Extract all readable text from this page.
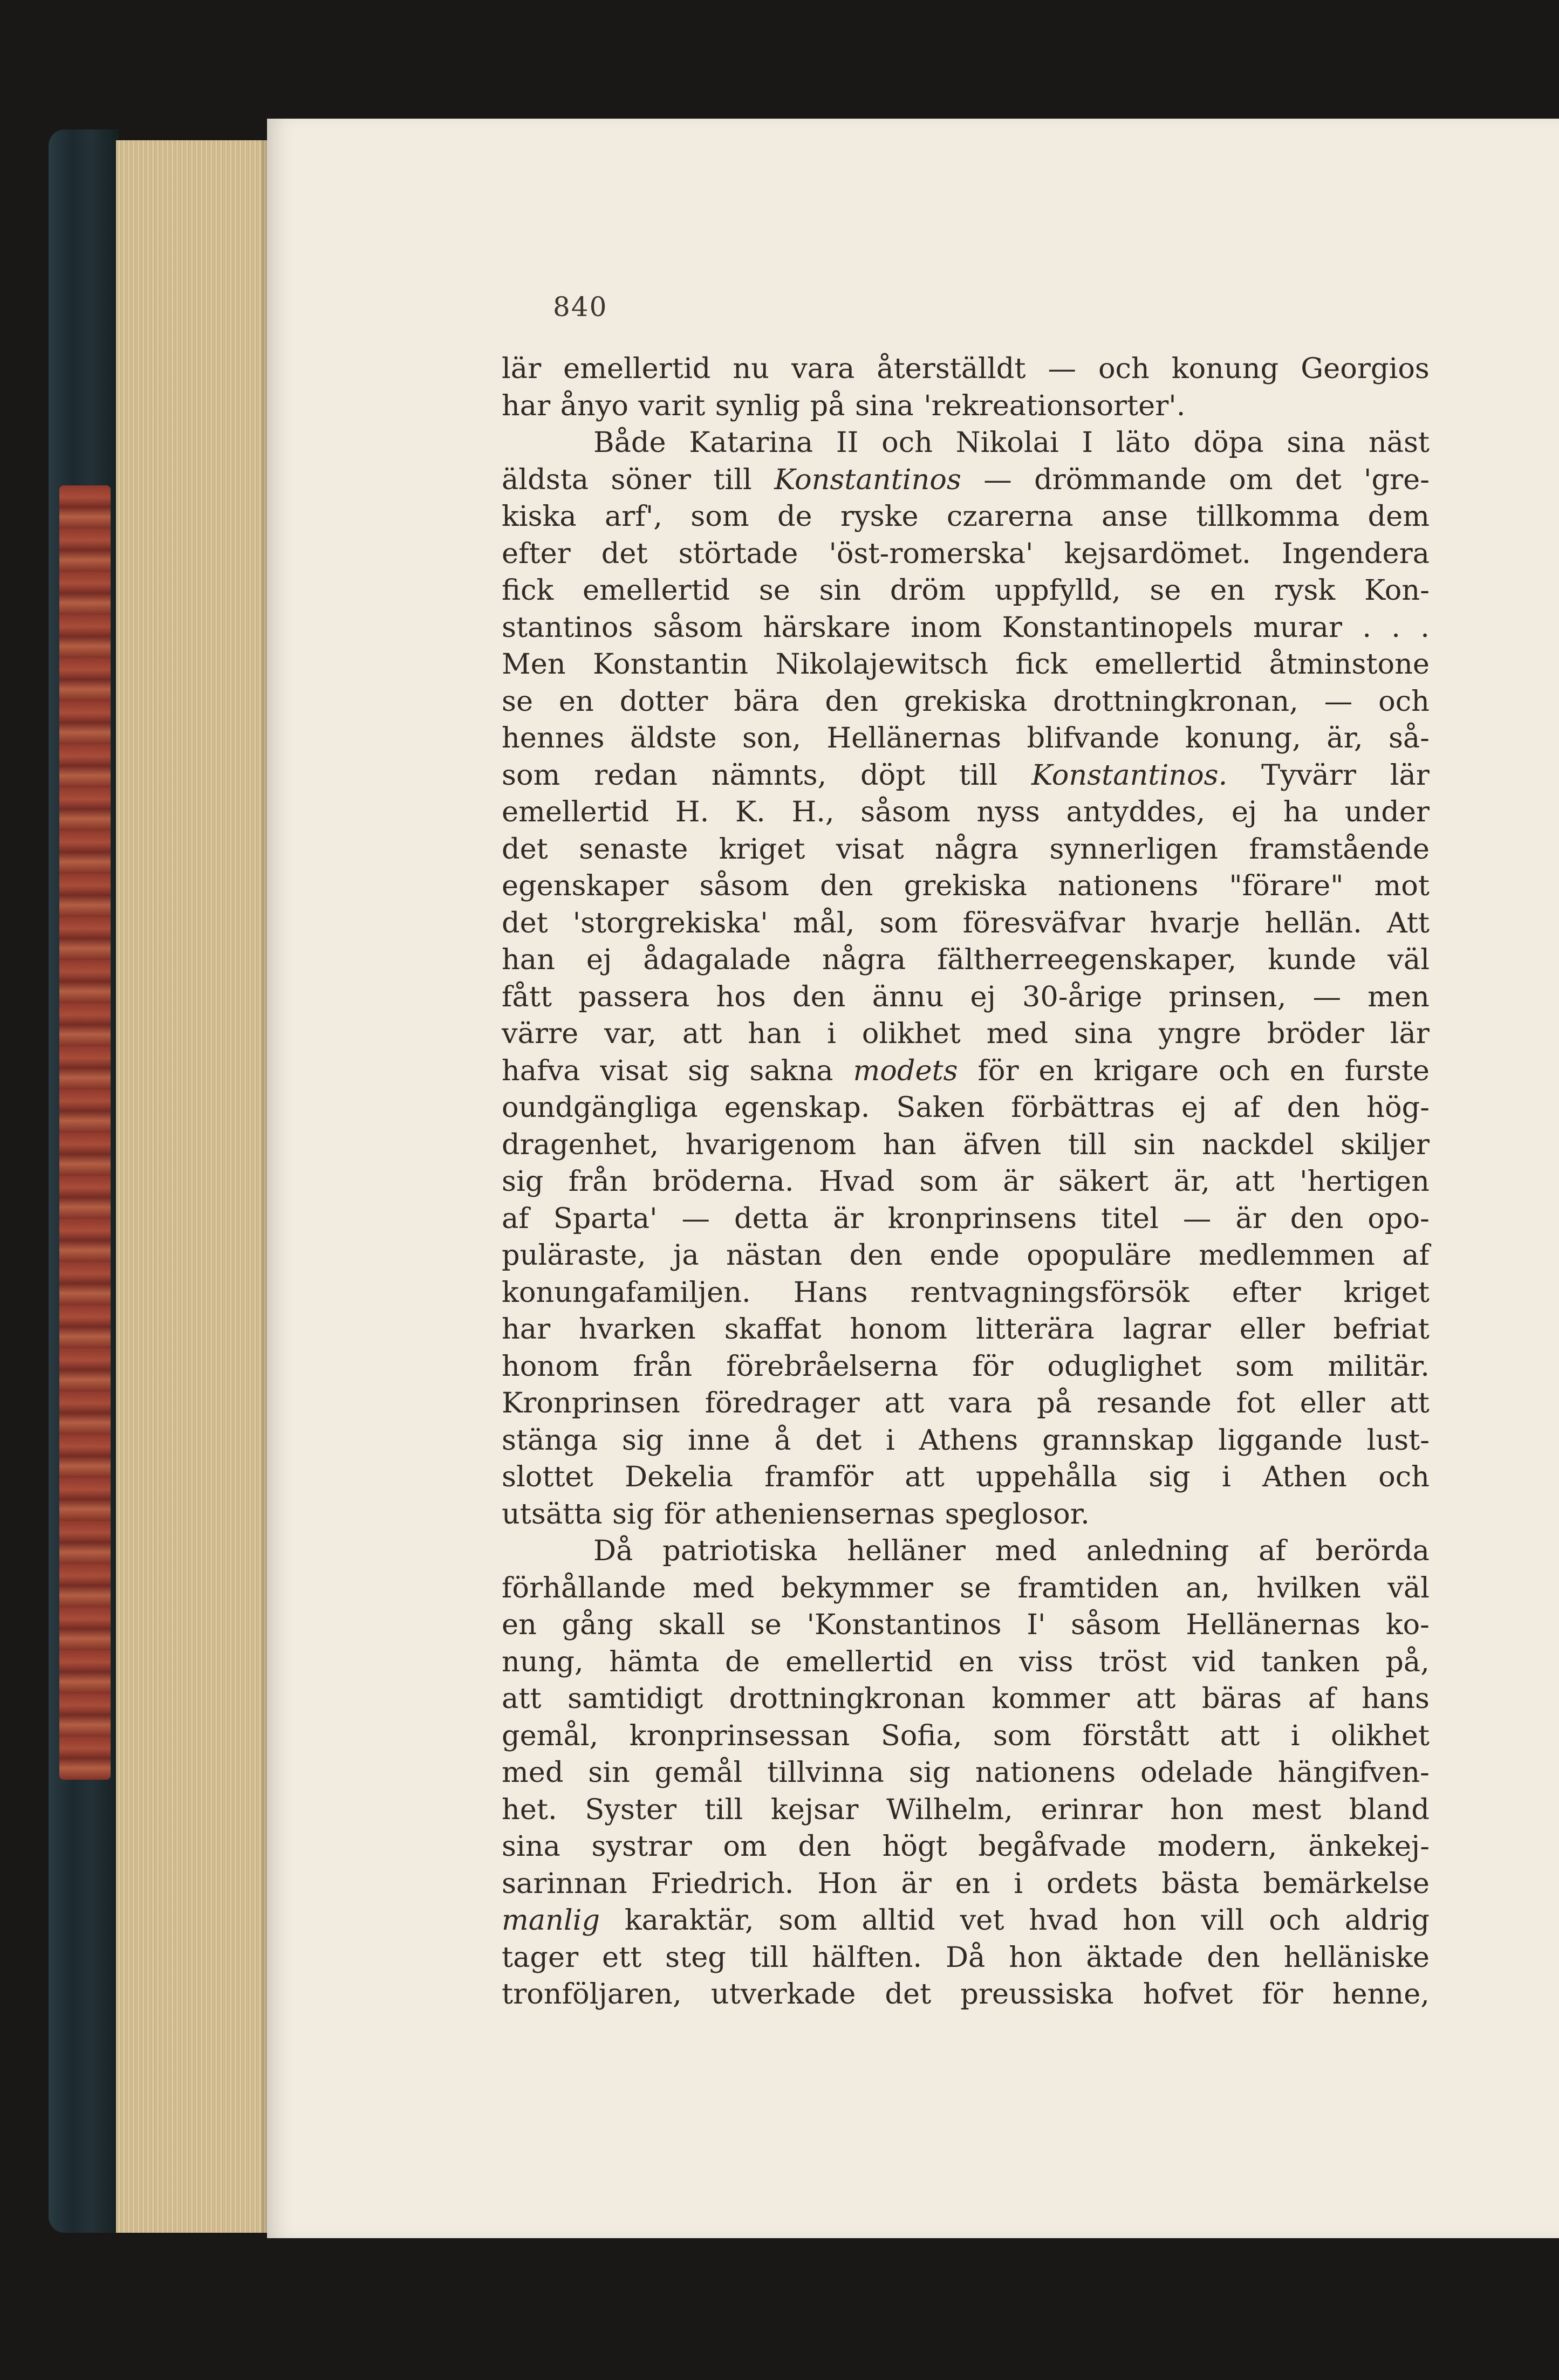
840
lär emellertid nu vara återställdt — och konung Georgios
har ånyo varit synlig på sina 'rekreationsorter'.
Både Katarina II och Nikolai I läto döpa sina näst
äldsta söner till Konstantinos — drömmande om det 'gre-
kiska arf', som de ryske czarerna anse tillkomma dem
efter det störtade 'öst-romerska' kejsardömet. Ingendera
fick emellertid se sin dröm uppfylld, se en rysk Kon-
stantinos såsom härskare inom Konstantinopels murar . . .
Men Konstantin Nikolajewitsch fick emellertid åtminstone
se en dotter bära den grekiska drottningkronan, — och
hennes äldste son, Hellänernas blifvande konung, är, så-
som redan nämnts, döpt till Konstantinos. Tyvärr lär
emellertid H. K. H., såsom nyss antyddes, ej ha under
det senaste kriget visat några synnerligen framstående
egenskaper såsom den grekiska nationens "förare" mot
det 'storgrekiska' mål, som föresväfvar hvarje hellän. Att
han ej ådagalade några fältherreegenskaper, kunde väl
fått passera hos den ännu ej 30-årige prinsen, — men
värre var, att han i olikhet med sina yngre bröder lär
hafva visat sig sakna modets för en krigare och en furste
oundgängliga egenskap. Saken förbättras ej af den hög-
dragenhet, hvarigenom han äfven till sin nackdel skiljer
sig från bröderna. Hvad som är säkert är, att 'hertigen
af Sparta' — detta är kronprinsens titel — är den opo-
puläraste, ja nästan den ende opopuläre medlemmen af
konungafamiljen. Hans rentvagningsförsök efter kriget
har hvarken skaffat honom litterära lagrar eller befriat
honom från förebråelserna för oduglighet som militär.
Kronprinsen föredrager att vara på resande fot eller att
stänga sig inne å det i Athens grannskap liggande lust-
slottet Dekelia framför att uppehålla sig i Athen och
utsätta sig för atheniensernas speglosor.
Då patriotiska helläner med anledning af berörda
förhållande med bekymmer se framtiden an, hvilken väl
en gång skall se 'Konstantinos I' såsom Hellänernas ko-
nung, hämta de emellertid en viss tröst vid tanken på,
att samtidigt drottningkronan kommer att bäras af hans
gemål, kronprinsessan Sofia, som förstått att i olikhet
med sin gemål tillvinna sig nationens odelade hängifven-
het. Syster till kejsar Wilhelm, erinrar hon mest bland
sina systrar om den högt begåfvade modern, änkekej-
sarinnan Friedrich. Hon är en i ordets bästa bemärkelse
manlig karaktär, som alltid vet hvad hon vill och aldrig
tager ett steg till hälften. Då hon äktade den helläniske
tronföljaren, utverkade det preussiska hofvet för henne,
